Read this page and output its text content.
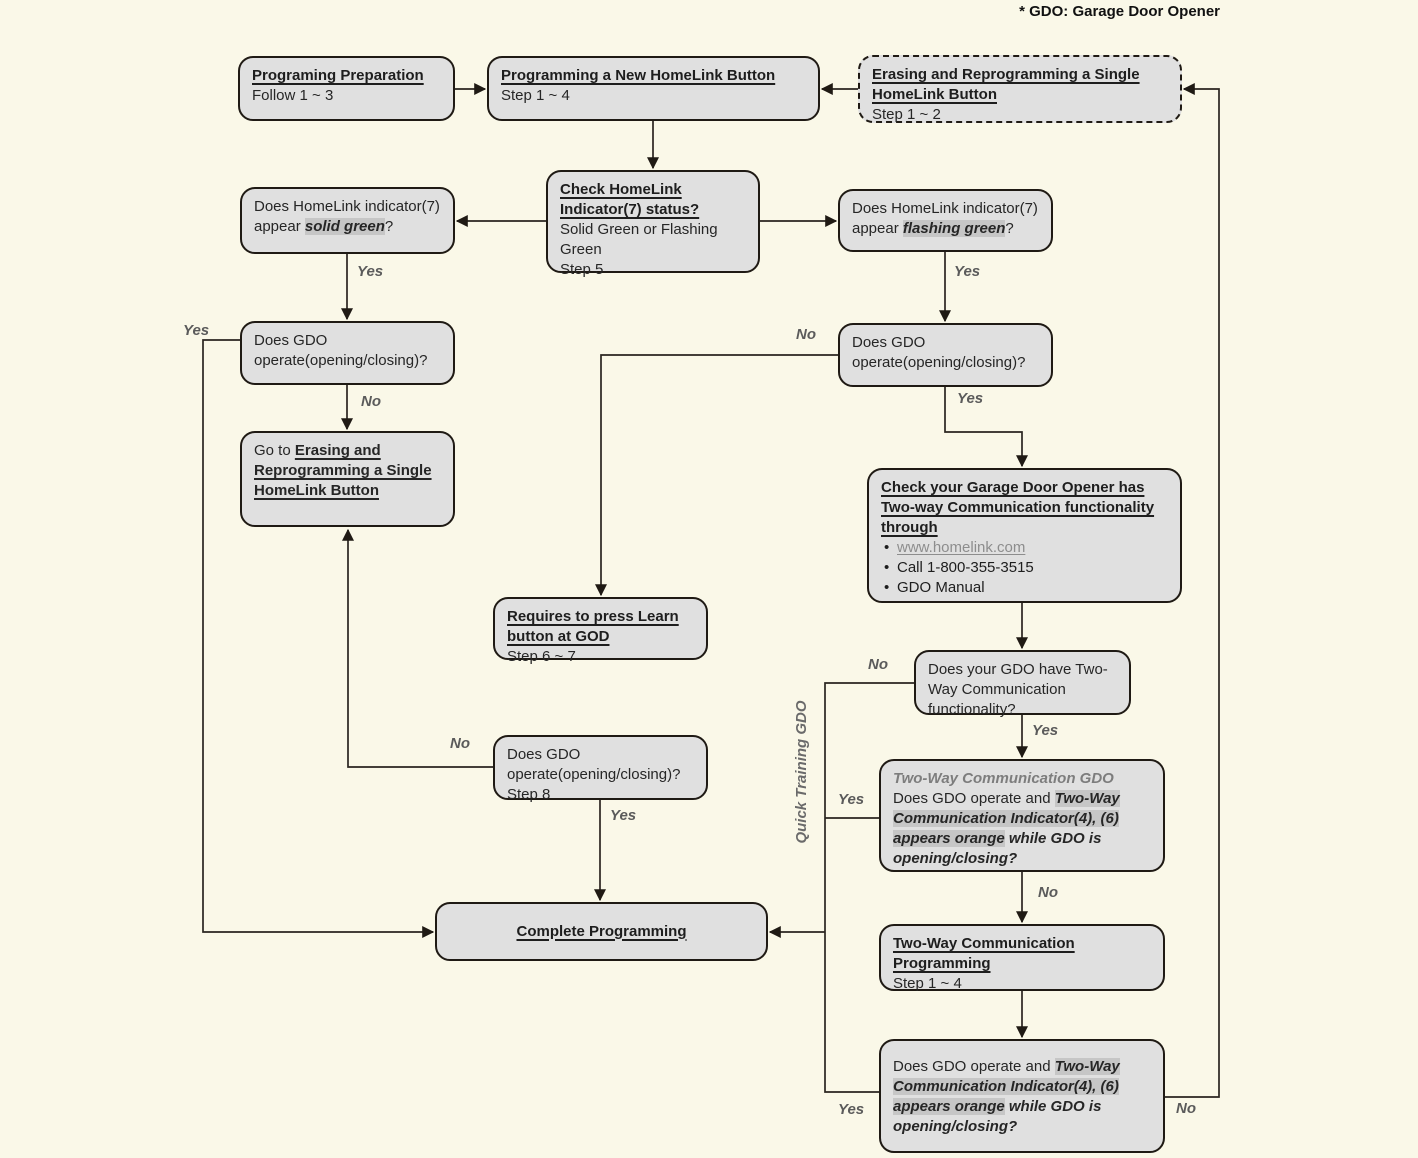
* GDO: Garage Door Opener
Programing Preparation
Follow 1 ~ 3
Programming a New HomeLink Button
Step 1 ~ 4
Erasing and Reprogramming a Single HomeLink Button
Step 1 ~ 2
Check HomeLink Indicator(7) status?
Solid Green or Flashing Green
Step 5
Does HomeLink indicator(7) appear solid green?
Does HomeLink indicator(7) appear flashing green?
Does GDO operate(opening/closing)?
Does GDO operate(opening/closing)?
Go to Erasing and Reprogramming a Single HomeLink Button	Check your Garage Door Opener has Two-way Communication functionality through
• www.homelink.com
• Call 1-800-355-3515
• GDO Manual
Requires to press Learn button at GOD
Step 6 ~ 7
Does your GDO have Two-Way Communication functionality?
Does GDO operate(opening/closing)?
Step 8
Two-Way Communication GDO
Does GDO operate and Two-Way Communication Indicator(4), (6) appears orange while GDO is opening/closing?
Complete Programming
Two-Way Communication Programming
Step 1 ~ 4
Does GDO operate and Two-Way Communication Indicator(4), (6) appears orange while GDO is opening/closing?
Yes	Yes
Yes
No
No
Yes
No
Yes
No
Yes
Yes
No
Yes	No
Quick Training GDO
